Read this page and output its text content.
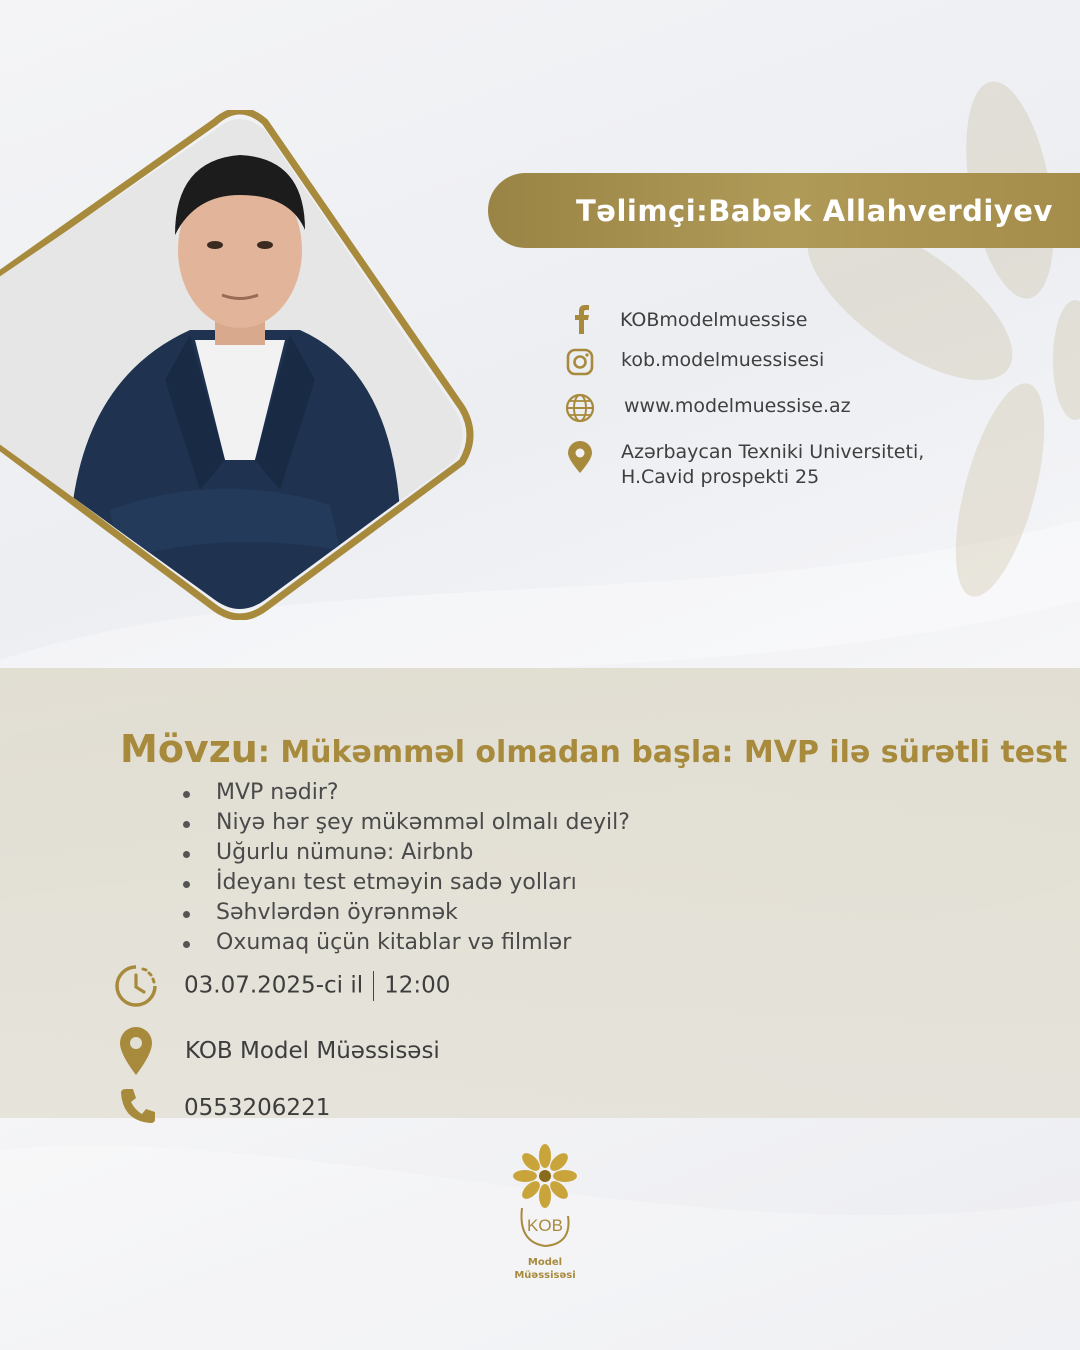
Təlimçi: Babək Allahverdiyev
KOBmodelmuessise
kob.modelmuessisesi
www.modelmuessise.az
Azərbaycan Texniki Universiteti,
H.Cavid prospekti 25
Mövzu: Mükəmməl olmadan başla: MVP ilə sürətli test
MVP nədir?
Niyə hər şey mükəmməl olmalı deyil?
Uğurlu nümunə: Airbnb
İdeyanı test etməyin sadə yolları
Səhvlərdən öyrənmək
Oxumaq üçün kitablar və filmlər
03.07.2025-ci il 12:00
KOB Model Müəssisəsi
0553206221
KOB
Model
Müəssisəsi
